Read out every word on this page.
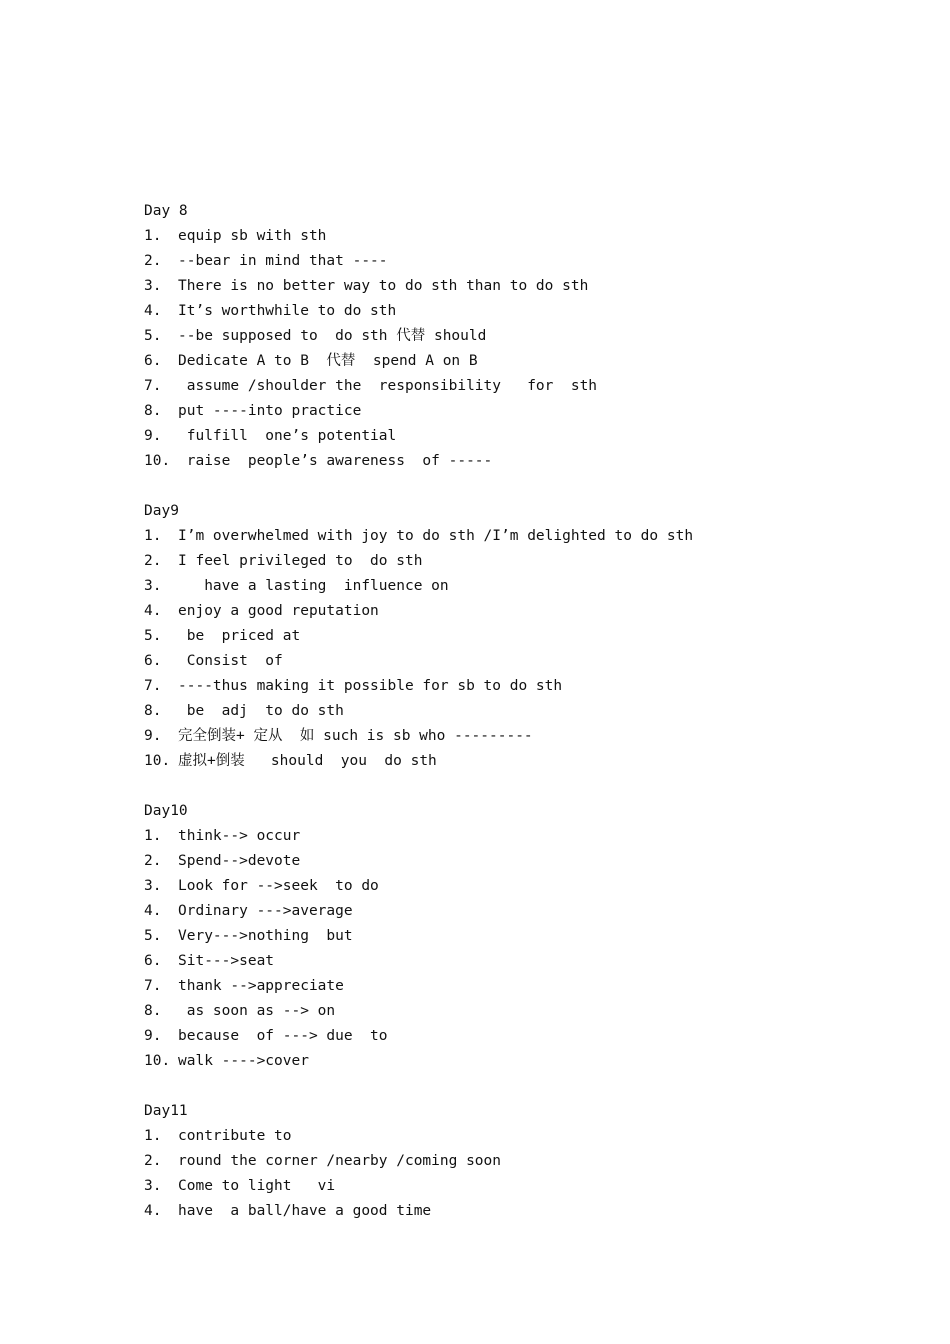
Day 8
1.	equip sb with sth
2.	--bear in mind that ----
3.	There is no better way to do sth than to do sth
4.	It’s worthwhile to do sth
5.	--be supposed to  do sth 代替 should
6.	Dedicate A to B  代替  spend A on B
7.	assume /shoulder the  responsibility   for  sth
8.	put ----into practice
9.	fulfill  one’s potential
10. raise  people’s awareness  of -----
Day9
1.	I’m overwhelmed with joy to do sth /I’m delighted to do sth
2.	I feel privileged to  do sth
3.	have a lasting  influence on
4.	enjoy a good reputation
5.	be  priced at
6.	Consist  of
7.	----thus making it possible for sb to do sth
8.	be  adj  to do sth
9.	完全倒装+ 定从  如 such is sb who ---------
10. 虚拟+倒装   should  you  do sth
Day10
1.	think--> occur
2.	Spend-->devote
3.	Look for -->seek  to do
4.	Ordinary --->average
5.	Very--->nothing  but
6.	Sit--->seat
7.	thank -->appreciate
8.	as soon as --> on
9.	because  of ---> due  to
10. walk ---->cover
Day11
1.	contribute to
2.	round the corner /nearby /coming soon
3.	Come to light   vi
4.	have  a ball/have a good time
